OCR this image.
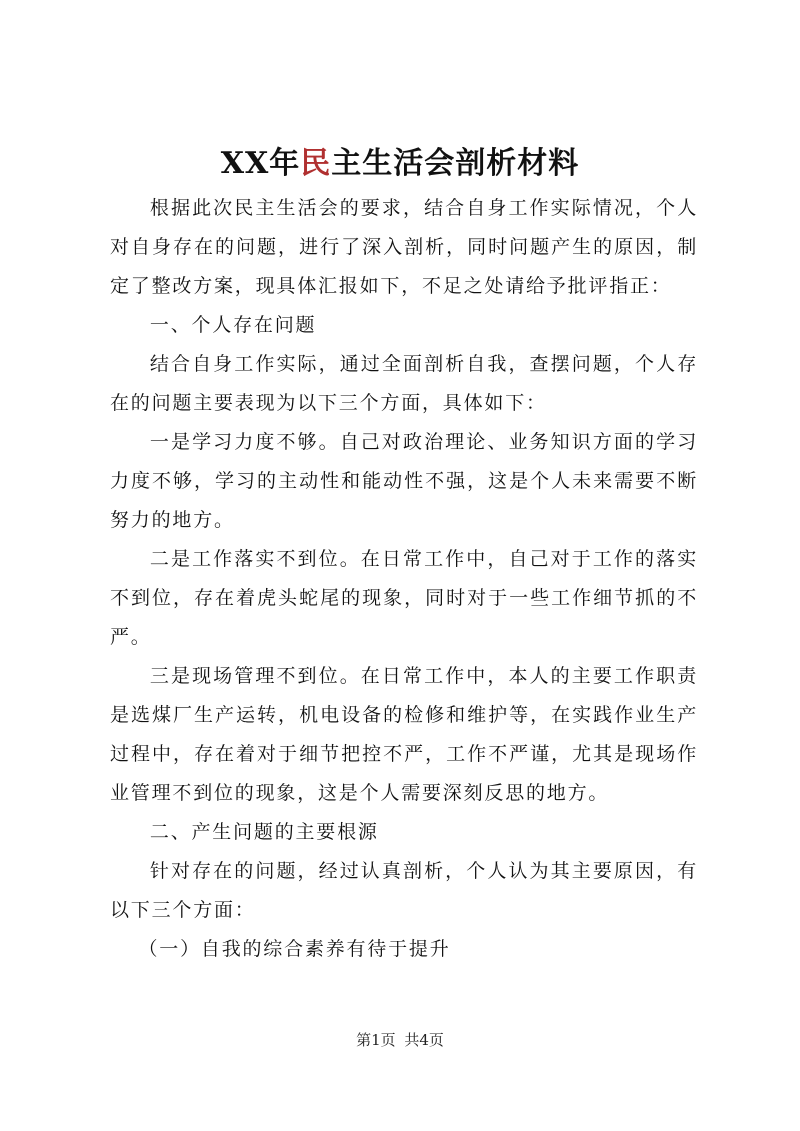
XX年民主生活会剖析材料

根据此次民主生活会的要求，结合自身工作实际情况，个人对自身存在的问题，进行了深入剖析，同时问题产生的原因，制定了整改方案，现具体汇报如下，不足之处请给予批评指正：

一、个人存在问题

结合自身工作实际，通过全面剖析自我，查摆问题，个人存在的问题主要表现为以下三个方面，具体如下：

一是学习力度不够。自己对政治理论、业务知识方面的学习力度不够，学习的主动性和能动性不强，这是个人未来需要不断努力的地方。

二是工作落实不到位。在日常工作中，自己对于工作的落实不到位，存在着虎头蛇尾的现象，同时对于一些工作细节抓的不严。

三是现场管理不到位。在日常工作中，本人的主要工作职责是选煤厂生产运转，机电设备的检修和维护等，在实践作业生产过程中，存在着对于细节把控不严，工作不严谨，尤其是现场作业管理不到位的现象，这是个人需要深刻反思的地方。

二、产生问题的主要根源

针对存在的问题，经过认真剖析，个人认为其主要原因，有以下三个方面：

（一）自我的综合素养有待于提升

第1页 共4页
